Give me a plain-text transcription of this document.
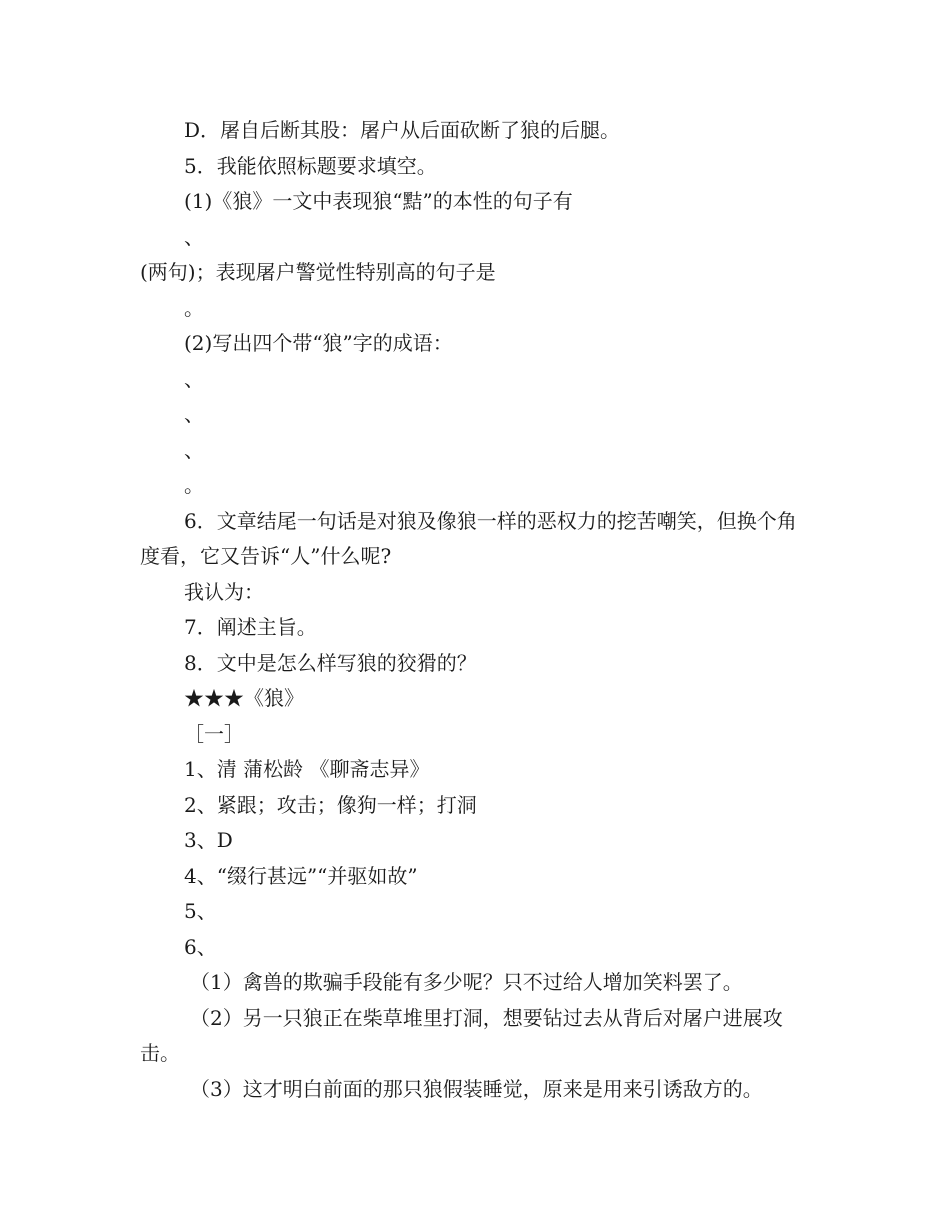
D．屠自后断其股：屠户从后面砍断了狼的后腿。

5．我能依照标题要求填空。

(1)《狼》一文中表现狼“黠”的本性的句子有

、

(两句)；表现屠户警觉性特别高的句子是

。

(2)写出四个带“狼”字的成语：

、

、

、

。

6．文章结尾一句话是对狼及像狼一样的恶权力的挖苦嘲笑，但换个角度看，它又告诉“人”什么呢?

我认为：

7．阐述主旨。

8．文中是怎么样写狼的狡猾的？

★★★《狼》

［一］

1、清 蒲松龄 《聊斋志异》

2、紧跟；攻击；像狗一样；打洞

3、D

4、“缀行甚远”“并驱如故”

5、

6、

（1）禽兽的欺骗手段能有多少呢？只不过给人增加笑料罢了。

（2）另一只狼正在柴草堆里打洞，想要钻过去从背后对屠户进展攻击。

（3）这才明白前面的那只狼假装睡觉，原来是用来引诱敌方的。
